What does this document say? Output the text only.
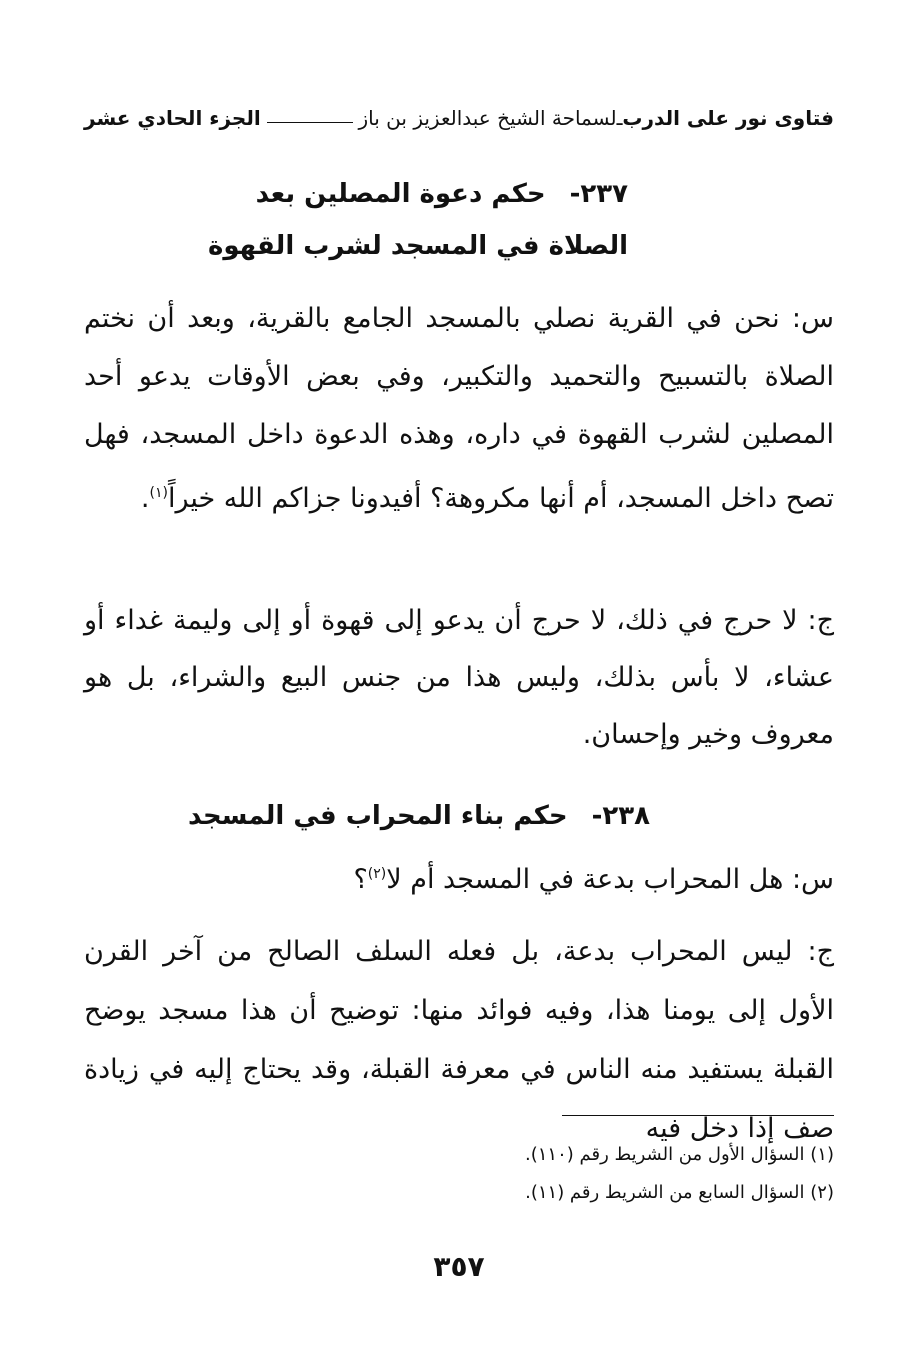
فتاوى نور على الدرب
ـ
لسماحة الشيخ عبدالعزيز بن باز
الجزء الحادي عشر
٢٣٧-حكم دعوة المصلين بعد
الصلاة في المسجد لشرب القهوة
س: نحن في القرية نصلي بالمسجد الجامع بالقرية، وبعد أن نختم الصلاة بالتسبيح والتحميد والتكبير، وفي بعض الأوقات يدعو أحد المصلين لشرب القهوة في داره، وهذه الدعوة داخل المسجد، فهل تصح داخل المسجد، أم أنها مكروهة؟ أفيدونا جزاكم الله خيراً$^{(١)}$.
ج: لا حرج في ذلك، لا حرج أن يدعو إلى قهوة أو إلى وليمة غداء أو عشاء، لا بأس بذلك، وليس هذا من جنس البيع والشراء، بل هو معروف وخير وإحسان.
٢٣٨-حكم بناء المحراب في المسجد
س: هل المحراب بدعة في المسجد أم لا$^{(٢)}$؟
ج: ليس المحراب بدعة، بل فعله السلف الصالح من آخر القرن الأول إلى يومنا هذا، وفيه فوائد منها: توضيح أن هذا مسجد يوضح القبلة يستفيد منه الناس في معرفة القبلة، وقد يحتاج إليه في زيادة صف إذا دخل فيه
(١) السؤال الأول من الشريط رقم (١١٠).
(٢) السؤال السابع من الشريط رقم (١١).
٣٥٧
